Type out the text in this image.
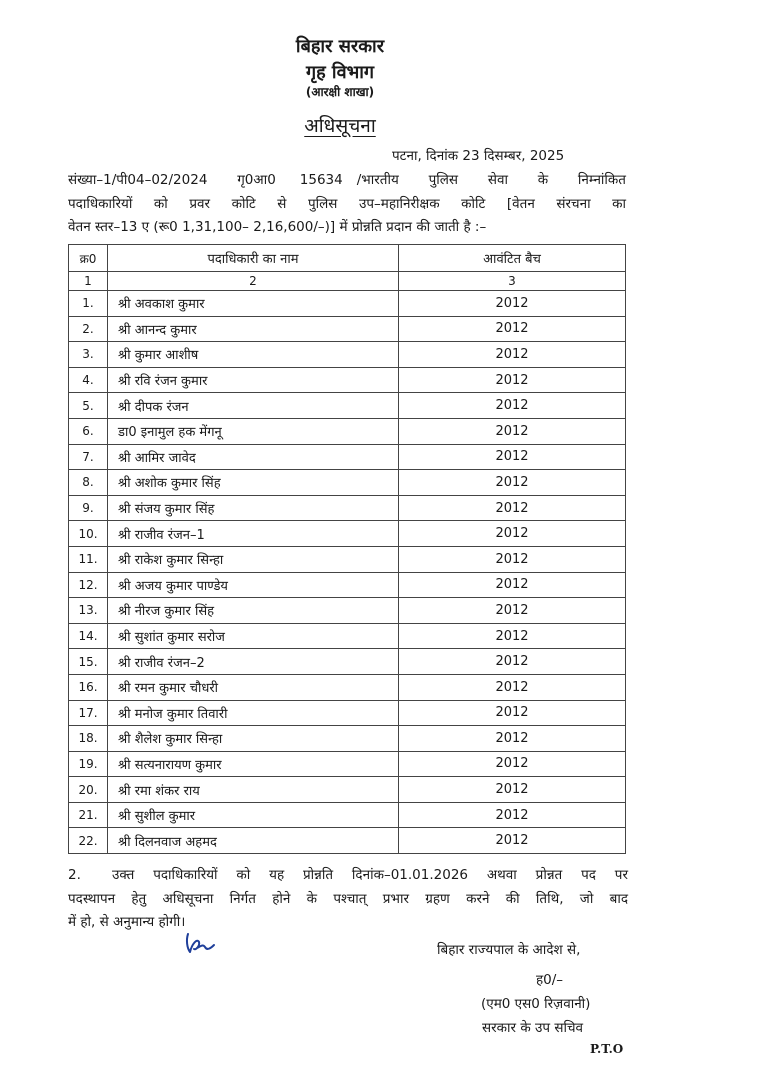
बिहार सरकार
गृह विभाग
(आरक्षी शाखा)
अधिसूचना
पटना, दिनांक 23 दिसम्बर, 2025
संख्या–1/पी04–02/2024 गृ0आ0 15634 /भारतीय पुलिस सेवा के निम्नांकित
पदाधिकारियों को प्रवर कोटि से पुलिस उप–महानिरीक्षक कोटि [वेतन संरचना का
वेतन स्तर–13 ए (रू0 1,31,100– 2,16,600/–)] में प्रोन्नति प्रदान की जाती है :–
क्र0	पदाधिकारी का नाम	आवंटित बैच
1	2	3
1.	श्री अवकाश कुमार	2012
2.	श्री आनन्द कुमार	2012
3.	श्री कुमार आशीष	2012
4.	श्री रवि रंजन कुमार	2012
5.	श्री दीपक रंजन	2012
6.	डा0 इनामुल हक मेंगनू	2012
7.	श्री आमिर जावेद	2012
8.	श्री अशोक कुमार सिंह	2012
9.	श्री संजय कुमार सिंह	2012
10.	श्री राजीव रंजन–1	2012
11.	श्री राकेश कुमार सिन्हा	2012
12.	श्री अजय कुमार पाण्डेय	2012
13.	श्री नीरज कुमार सिंह	2012
14.	श्री सुशांत कुमार सरोज	2012
15.	श्री राजीव रंजन–2	2012
16.	श्री रमन कुमार चौधरी	2012
17.	श्री मनोज कुमार तिवारी	2012
18.	श्री शैलेश कुमार सिन्हा	2012
19.	श्री सत्यनारायण कुमार	2012
20.	श्री रमा शंकर राय	2012
21.	श्री सुशील कुमार	2012
22.	श्री दिलनवाज अहमद	2012
2. उक्त पदाधिकारियों को यह प्रोन्नति दिनांक–01.01.2026 अथवा प्रोन्नत पद पर
पदस्थापन हेतु अधिसूचना निर्गत होने के पश्चात् प्रभार ग्रहण करने की तिथि, जो बाद
में हो, से अनुमान्य होगी।
बिहार राज्यपाल के आदेश से,
ह0/–
(एम0 एस0 रिज़वानी)
सरकार के उप सचिव
P.T.O
